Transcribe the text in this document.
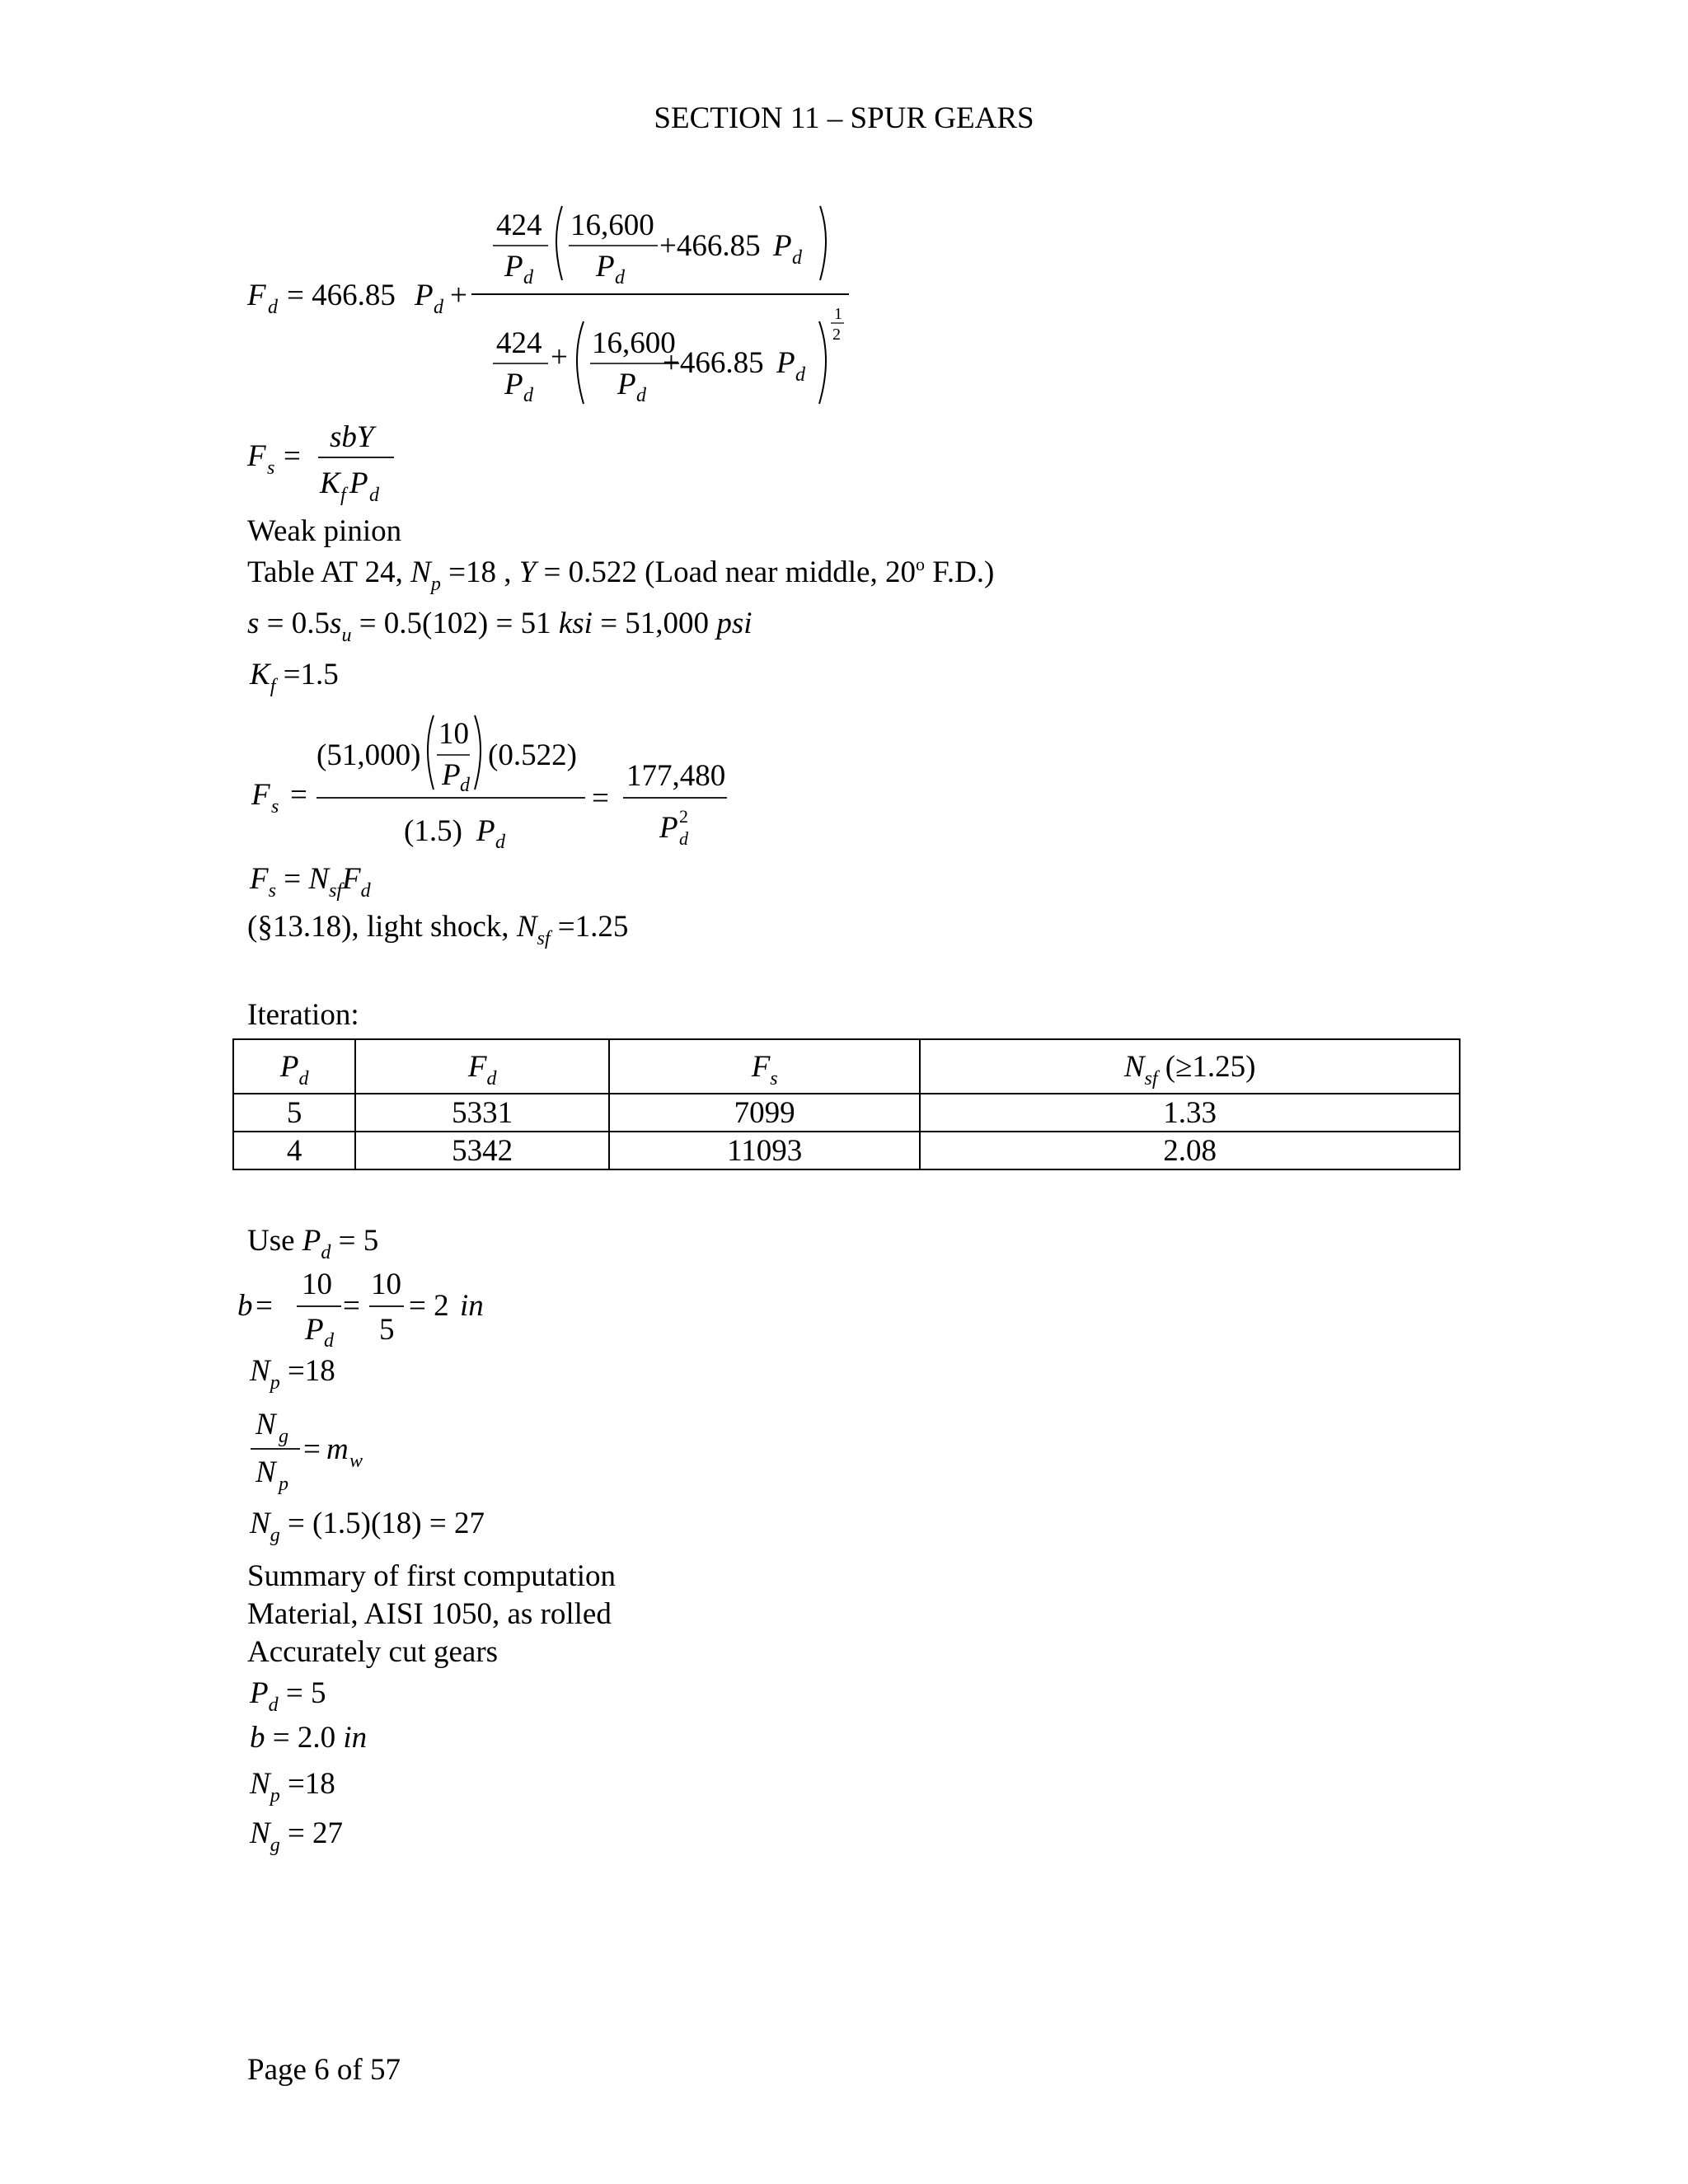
SECTION 11 – SPUR GEARS
F d = 466.85 P d +
424
P d
16,600
P d
+466.85 P d
424
P d
+ 16,600
P d
+466.85 P d
1
2
F s =
sbY
K f P d
Weak pinion
Table AT 24, $N_p =18$ , Y = 0.522 (Load near middle, 20$^o$ F.D.)
$s = 0.5s_u = 0.5(102) = 51$ ksi = 51,000 psi
$K_f =1.5$
F s =
(51,000)
10
P d
(0.522)
(1.5) P d
=
177,480
P 2
d
$F_s = N_{sf}F_d$
(§13.18), light shock, $N_{sf} =1.25$
Iteration:
$P_d$	$F_d$	$F_s$	$N_{sf}$ (≥1.25)
5	5331	7099	1.33
4	5342	11093	2.08
Use $P_d = 5$
b =
10
P d
=
10
5
= 2 in
$N_p =18$
N g
N p
= m w
$N_g = (1.5)(18) = 27$
Summary of first computation
Material, AISI 1050, as rolled
Accurately cut gears
$P_d = 5$
b = 2.0 in
$N_p =18$
$N_g = 27$
Page 6 of 57
